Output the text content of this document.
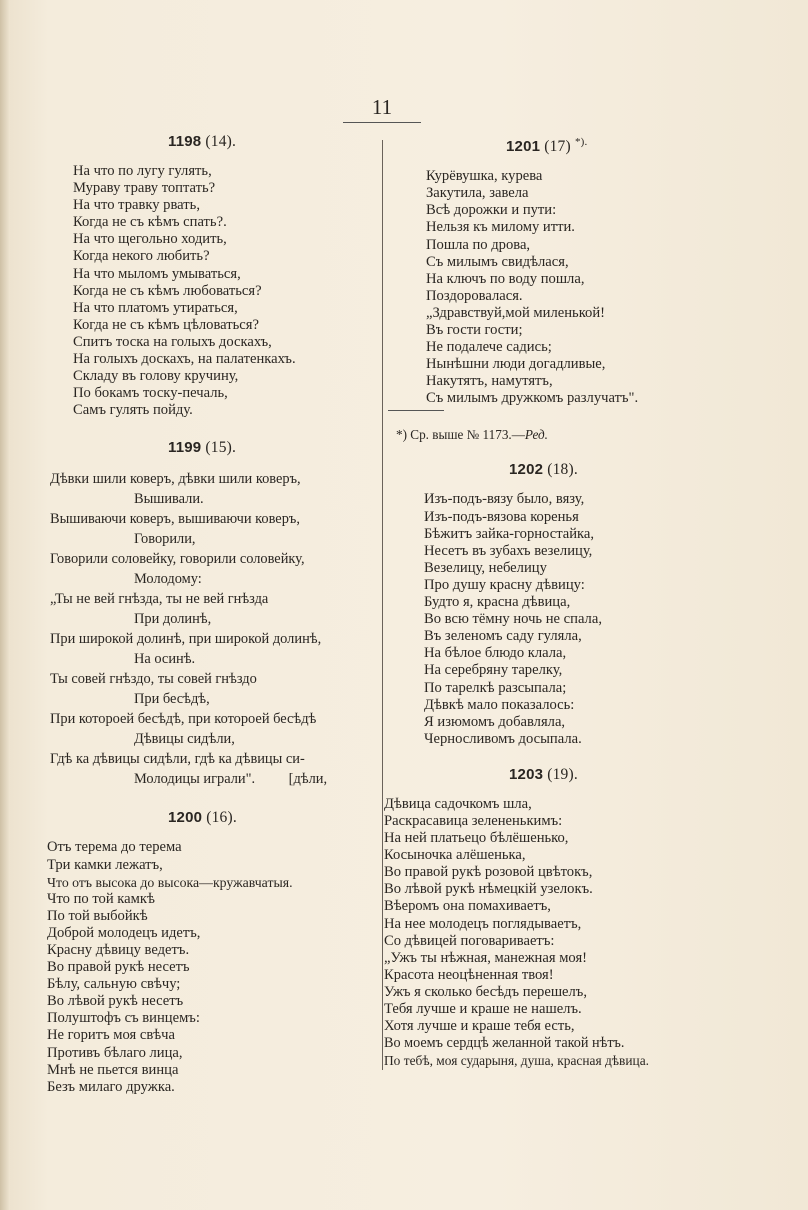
11
1198 (14).
На что по лугу гулять,
Мураву траву топтать?
На что травку рвать,
Когда не съ кѣмъ спать?.
На что щегольно ходить,
Когда некого любить?
На что мыломъ умываться,
Когда не съ кѣмъ любоваться?
На что платомъ утираться,
Когда не съ кѣмъ цѣловаться?
Спитъ тоска на голыхъ доскахъ,
На голыхъ доскахъ, на палатенкахъ.
Складу въ голову кручину,
По бокамъ тоску-печаль,
Самъ гулять пойду.
1199 (15).
Дѣвки шили коверъ, дѣвки шили коверъ,
Вышивали.
Вышиваючи коверъ, вышиваючи коверъ,
Говорили,
Говорили соловейку, говорили соловейку,
Молодому:
„Ты не вей гнѣзда, ты не вей гнѣзда
При долинѣ,
При широкой долинѣ, при широкой долинѣ,
На осинѣ.
Ты совей гнѣздо, ты совей гнѣздо
При бесѣдѣ,
При котороей бесѣдѣ, при котороей бесѣдѣ
Дѣвицы сидѣли,
Гдѣ ка дѣвицы сидѣли, гдѣ ка дѣвицы си-
Молодицы играли". [дѣли,
1200 (16).
Отъ терема до терема
Три камки лежатъ,
Что отъ высока до высока—кружавчатыя.
Что по той камкѣ
По той выбойкѣ
Доброй молодецъ идетъ,
Красну дѣвицу ведетъ.
Во правой рукѣ несетъ
Бѣлу, сальную свѣчу;
Во лѣвой рукѣ несетъ
Полуштофъ съ винцемъ:
Не горитъ моя свѣча
Противъ бѣлаго лица,
Мнѣ не пьется винца
Безъ милаго дружка.
1201 (17) *).
Курёвушка, курева
Закутила, завела
Всѣ дорожки и пути:
Нельзя къ милому итти.
Пошла по дрова,
Съ милымъ свидѣлася,
На ключъ по воду пошла,
Поздоровалася.
„Здравствуй,мой миленькой!
Въ гости гости;
Не подалече садись;
Нынѣшни люди догадливые,
Накутятъ, намутятъ,
Съ милымъ дружкомъ разлучатъ".
*) Ср. выше № 1173.—Ред.
1202 (18).
Изъ-подъ-вязу было, вязу,
Изъ-подъ-вязова коренья
Бѣжитъ зайка-горностайка,
Несетъ въ зубахъ везелицу,
Везелицу, небелицу
Про душу красну дѣвицу:
Будто я, красна дѣвица,
Во всю тёмну ночь не спала,
Въ зеленомъ саду гуляла,
На бѣлое блюдо клала,
На серебряну тарелку,
По тарелкѣ разсыпала;
Дѣвкѣ мало показалось:
Я изюмомъ добавляла,
Черносливомъ досыпала.
1203 (19).
Дѣвица садочкомъ шла,
Раскрасавица зелененькимъ:
На ней платьецо бѣлёшенько,
Косыночка алёшенька,
Во правой рукѣ розовой цвѣтокъ,
Во лѣвой рукѣ нѣмецкій узелокъ.
Вѣеромъ она помахиваетъ,
На нее молодецъ поглядываетъ,
Со дѣвицей поговариваетъ:
„Ужъ ты нѣжная, манежная моя!
Красота неоцѣненная твоя!
Ужъ я сколько бесѣдъ перешелъ,
Тебя лучше и краше не нашелъ.
Хотя лучше и краше тебя есть,
Во моемъ сердцѣ желанной такой нѣтъ.
По тебѣ, моя сударыня, душа, красная дѣвица.
